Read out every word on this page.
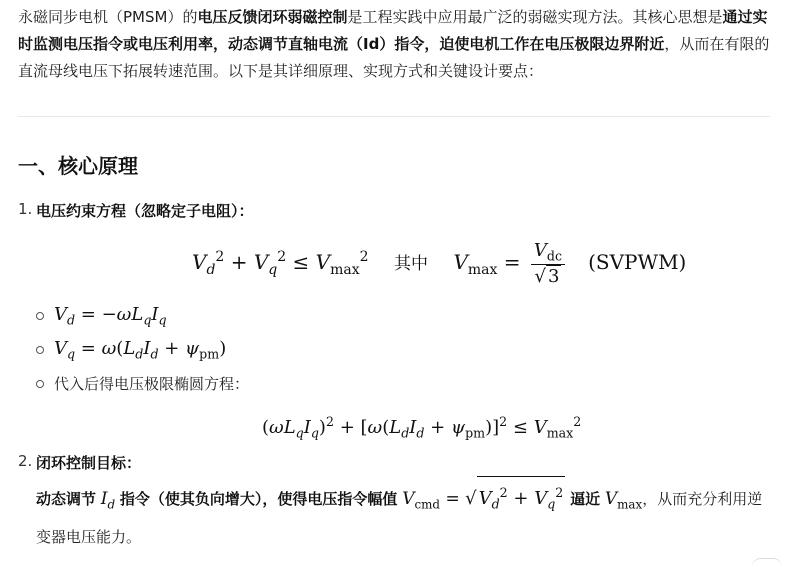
永磁同步电机（PMSM）的电压反馈闭环弱磁控制是工程实践中应用最广泛的弱磁实现方法。其核心思想是通过实时监测电压指令或电压利用率，动态调节直轴电流（Id）指令，迫使电机工作在电压极限边界附近，从而在有限的直流母线电压下拓展转速范围。以下是其详细原理、实现方式和关键设计要点：

一、核心原理
1. 电压约束方程（忽略定子电阻）：
$V_d^2 + V_q^2 \le V_{max}^2$ 其中 $V_{max} = \frac{V_{dc}}{√ 3}$ (SVPWM)
$V_d = -\omega L_qI_q$
$V_q = \omega(L_dI_d + \psi_{pm})$
代入后得电压极限椭圆方程：
$(\omega L_qI_q)^2 + [\omega(L_dI_d + \psi_{pm})]^2 \le V_{max}^2$
2. 闭环控制目标：
动态调节 $I_d$ 指令（使其负向增大），使得电压指令幅值 $V_{cmd}$ = √ $V_d^2 + V_q^2$ 逼近 $V_{max}$，从而充分利用逆变器电压能力。
